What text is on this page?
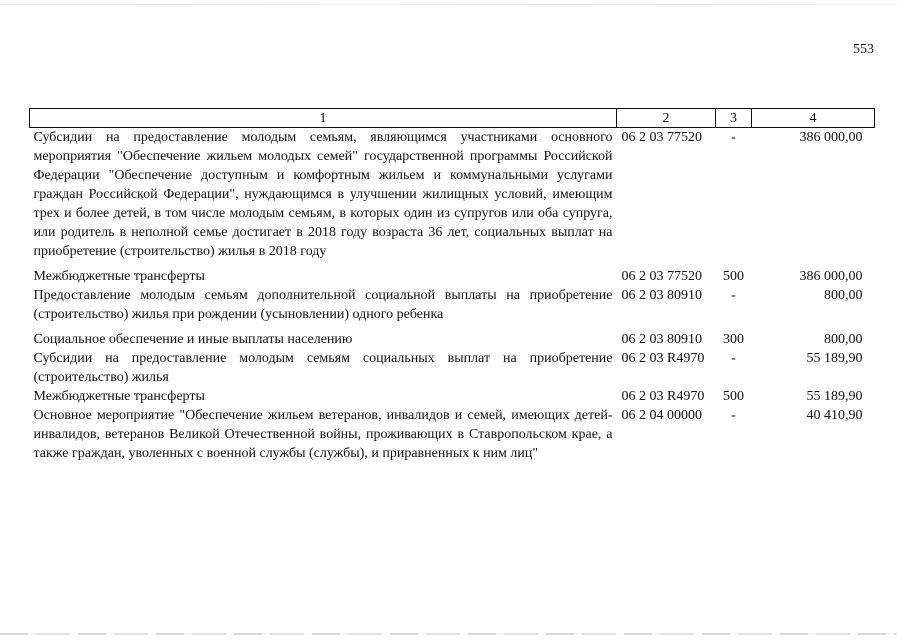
553
1	2	3	4
Субсидии на предоставление молодым семьям, являющимся участниками основного мероприятия "Обеспечение жильем молодых семей" государственной программы Российской Федерации "Обеспечение доступным и комфортным жильем и коммунальными услугами граждан Российской Федерации", нуждающимся в улучшении жилищных условий, имеющим трех и более детей, в том числе молодым семьям, в которых один из супругов или оба супруга, или родитель в неполной семье достигает в 2018 году возраста 36 лет, социальных выплат на приобретение (строительство) жилья в 2018 году	06 2 03 77520	-	386 000,00
Межбюджетные трансферты	06 2 03 77520	500	386 000,00
Предоставление молодым семьям дополнительной социальной выплаты на приобретение (строительство) жилья при рождении (усыновлении) одного ребенка	06 2 03 80910	-	800,00
Социальное обеспечение и иные выплаты населению	06 2 03 80910	300	800,00
Субсидии на предоставление молодым семьям социальных выплат на приобретение (строительство) жилья	06 2 03 R4970	-	55 189,90
Межбюджетные трансферты	06 2 03 R4970	500	55 189,90
Основное мероприятие "Обеспечение жильем ветеранов, инвалидов и семей, имеющих детей-инвалидов, ветеранов Великой Отечественной войны, проживающих в Ставропольском крае, а также граждан, уволенных с военной службы (службы), и приравненных к ним лиц"	06 2 04 00000	-	40 410,90
